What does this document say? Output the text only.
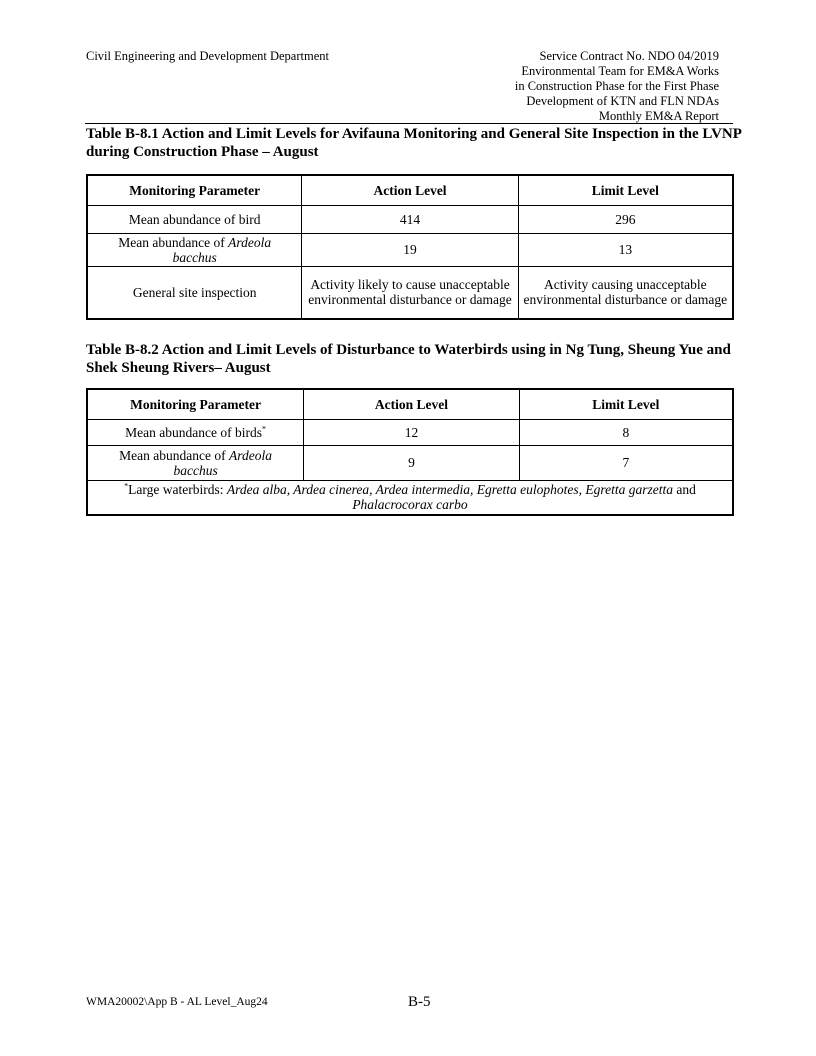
Civil Engineering and Development Department	Service Contract No. NDO 04/2019
Environmental Team for EM&A Works
in Construction Phase for the First Phase
Development of KTN and FLN NDAs
Monthly EM&A Report
Table B-8.1 Action and Limit Levels for Avifauna Monitoring and General Site Inspection in the LVNP during Construction Phase – August
Monitoring Parameter	Action Level	Limit Level
Mean abundance of bird	414	296
Mean abundance of Ardeola
bacchus	19	13
General site inspection	Activity likely to cause unacceptable environmental disturbance or damage	Activity causing unacceptable environmental disturbance or damage
Table B-8.2 Action and Limit Levels of Disturbance to Waterbirds using in Ng Tung, Sheung Yue and Shek Sheung Rivers– August
Monitoring Parameter	Action Level	Limit Level
Mean abundance of birds*	12	8
Mean abundance of Ardeola
bacchus	9	7
*Large waterbirds: Ardea alba, Ardea cinerea, Ardea intermedia, Egretta eulophotes, Egretta garzetta and
Phalacrocorax carbo		
WMA20002\App B - AL Level_Aug24	B-5
